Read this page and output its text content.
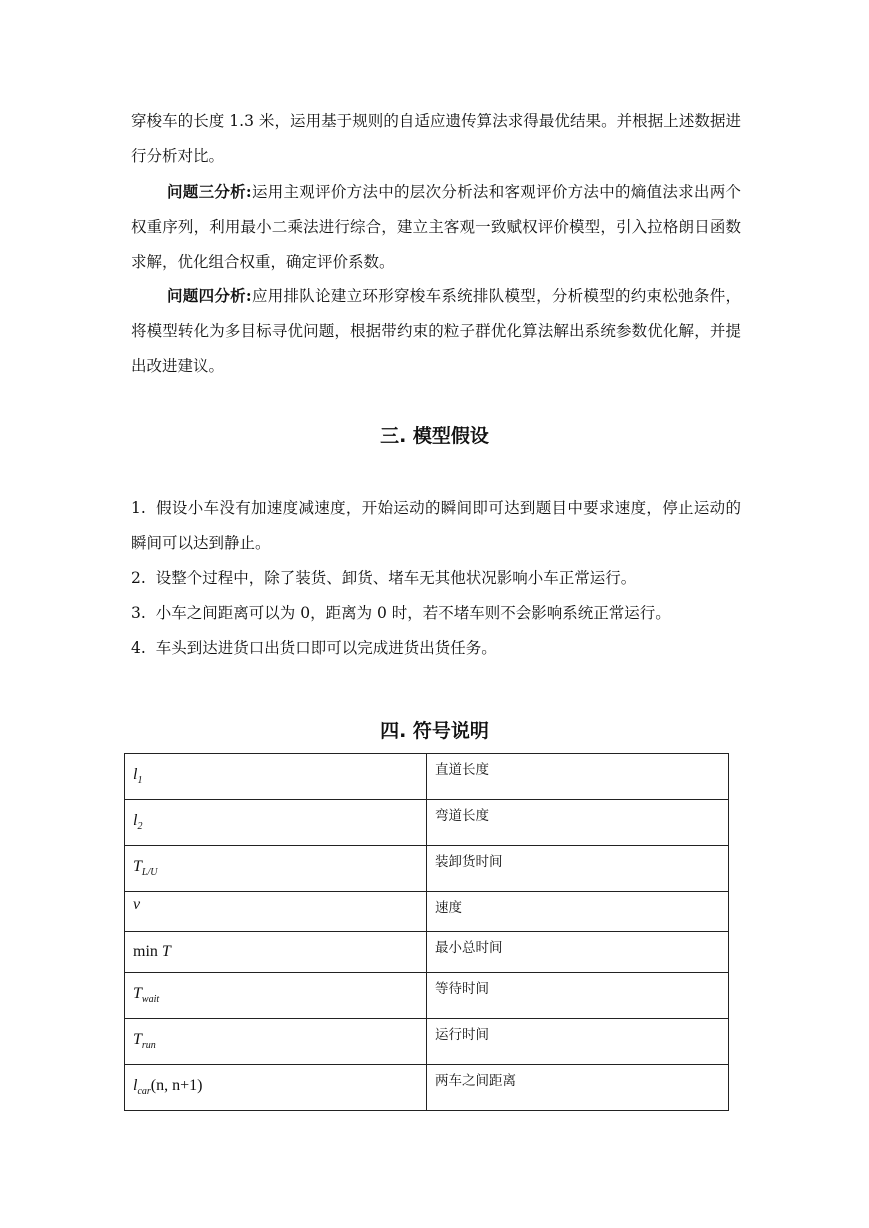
穿梭车的长度 1.3 米，运用基于规则的自适应遗传算法求得最优结果。并根据上述数据进行分析对比。

问题三分析:运用主观评价方法中的层次分析法和客观评价方法中的熵值法求出两个权重序列，利用最小二乘法进行综合，建立主客观一致赋权评价模型，引入拉格朗日函数求解，优化组合权重，确定评价系数。

问题四分析:应用排队论建立环形穿梭车系统排队模型，分析模型的约束松弛条件，将模型转化为多目标寻优问题，根据带约束的粒子群优化算法解出系统参数优化解，并提出改进建议。

三. 模型假设
1. 假设小车没有加速度减速度，开始运动的瞬间即可达到题目中要求速度，停止运动的瞬间可以达到静止。
2. 设整个过程中，除了装货、卸货、堵车无其他状况影响小车正常运行。
3. 小车之间距离可以为 0，距离为 0 时，若不堵车则不会影响系统正常运行。
4. 车头到达进货口出货口即可以完成进货出货任务。
四. 符号说明
$l_1$	直道长度
$l_2$	弯道长度
$T_{L/U}$	装卸货时间
v	速度
min T	最小总时间
$T_{wait}$	等待时间
$T_{run}$	运行时间
$l_{car}(n$, n+1)	两车之间距离
